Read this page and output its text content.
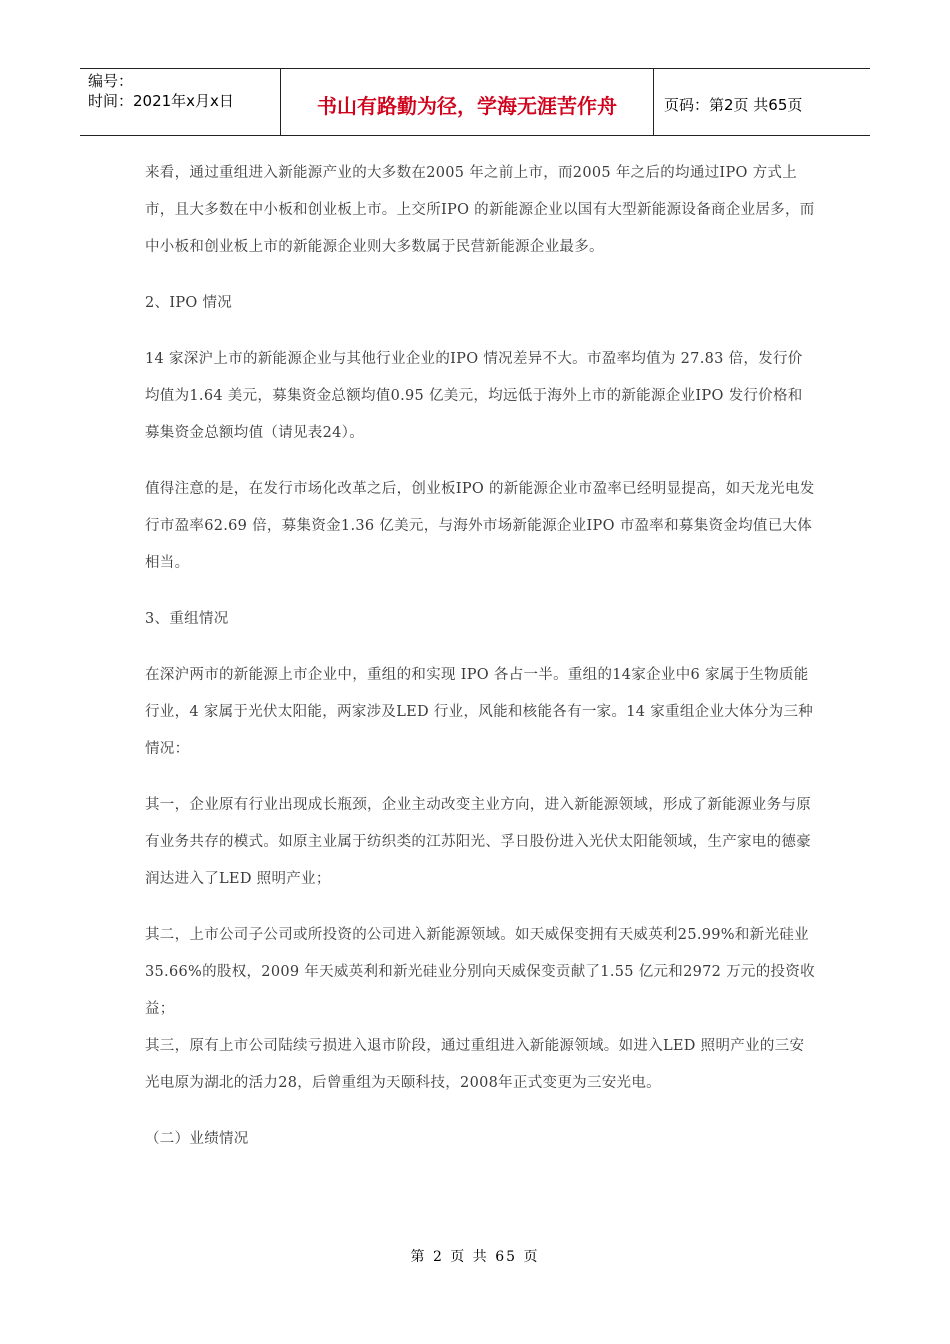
编号：
时间：2021年x月x日	书山有路勤为径，学海无涯苦作舟	页码：第2页 共65页

来看，通过重组进入新能源产业的大多数在2005 年之前上市，而2005 年之后的均通过IPO 方式上市，且大多数在中小板和创业板上市。上交所IPO 的新能源企业以国有大型新能源设备商企业居多，而中小板和创业板上市的新能源企业则大多数属于民营新能源企业最多。

2、IPO 情况

14 家深沪上市的新能源企业与其他行业企业的IPO 情况差异不大。市盈率均值为 27.83 倍，发行价均值为1.64 美元，募集资金总额均值0.95 亿美元，均远低于海外上市的新能源企业IPO 发行价格和募集资金总额均值（请见表24）。

值得注意的是，在发行市场化改革之后，创业板IPO 的新能源企业市盈率已经明显提高，如天龙光电发行市盈率62.69 倍，募集资金1.36 亿美元，与海外市场新能源企业IPO 市盈率和募集资金均值已大体相当。

3、重组情况

在深沪两市的新能源上市企业中，重组的和实现 IPO 各占一半。重组的14家企业中6 家属于生物质能行业，4 家属于光伏太阳能，两家涉及LED 行业，风能和核能各有一家。14 家重组企业大体分为三种情况：

其一，企业原有行业出现成长瓶颈，企业主动改变主业方向，进入新能源领域，形成了新能源业务与原有业务共存的模式。如原主业属于纺织类的江苏阳光、孚日股份进入光伏太阳能领域，生产家电的德豪润达进入了LED 照明产业；

其二，上市公司子公司或所投资的公司进入新能源领域。如天威保变拥有天威英利25.99%和新光硅业35.66%的股权，2009 年天威英利和新光硅业分别向天威保变贡献了1.55 亿元和2972 万元的投资收益；

其三，原有上市公司陆续亏损进入退市阶段，通过重组进入新能源领域。如进入LED 照明产业的三安光电原为湖北的活力28，后曾重组为天颐科技，2008年正式变更为三安光电。

（二）业绩情况

第 2 页 共 65 页
